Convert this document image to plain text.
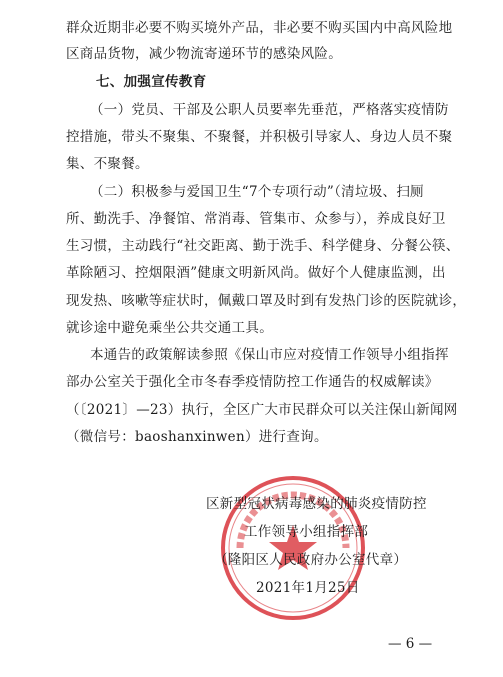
群众近期非必要不购买境外产品，非必要不购买国内中高风险地
区商品货物，减少物流寄递环节的感染风险。
七、加强宣传教育
（一）党员、干部及公职人员要率先垂范，严格落实疫情防
控措施，带头不聚集、不聚餐，并积极引导家人、身边人员不聚
集、不聚餐。
（二）积极参与爱国卫生“7个专项行动”（清垃圾、扫厕
所、勤洗手、净餐馆、常消毒、管集市、众参与），养成良好卫
生习惯，主动践行“社交距离、勤于洗手、科学健身、分餐公筷、
革除陋习、控烟限酒”健康文明新风尚。做好个人健康监测，出
现发热、咳嗽等症状时，佩戴口罩及时到有发热门诊的医院就诊，
就诊途中避免乘坐公共交通工具。
本通告的政策解读参照《保山市应对疫情工作领导小组指挥
部办公室关于强化全市冬春季疫情防控工作通告的权威解读》
（〔2021〕—23）执行，全区广大市民群众可以关注保山新闻网
（微信号：baoshanxinwen）进行查询。
区新型冠状病毒感染的肺炎疫情防控
工作领导小组指挥部
（隆阳区人民政府办公室代章）
2021年1月25日
— 6 —
